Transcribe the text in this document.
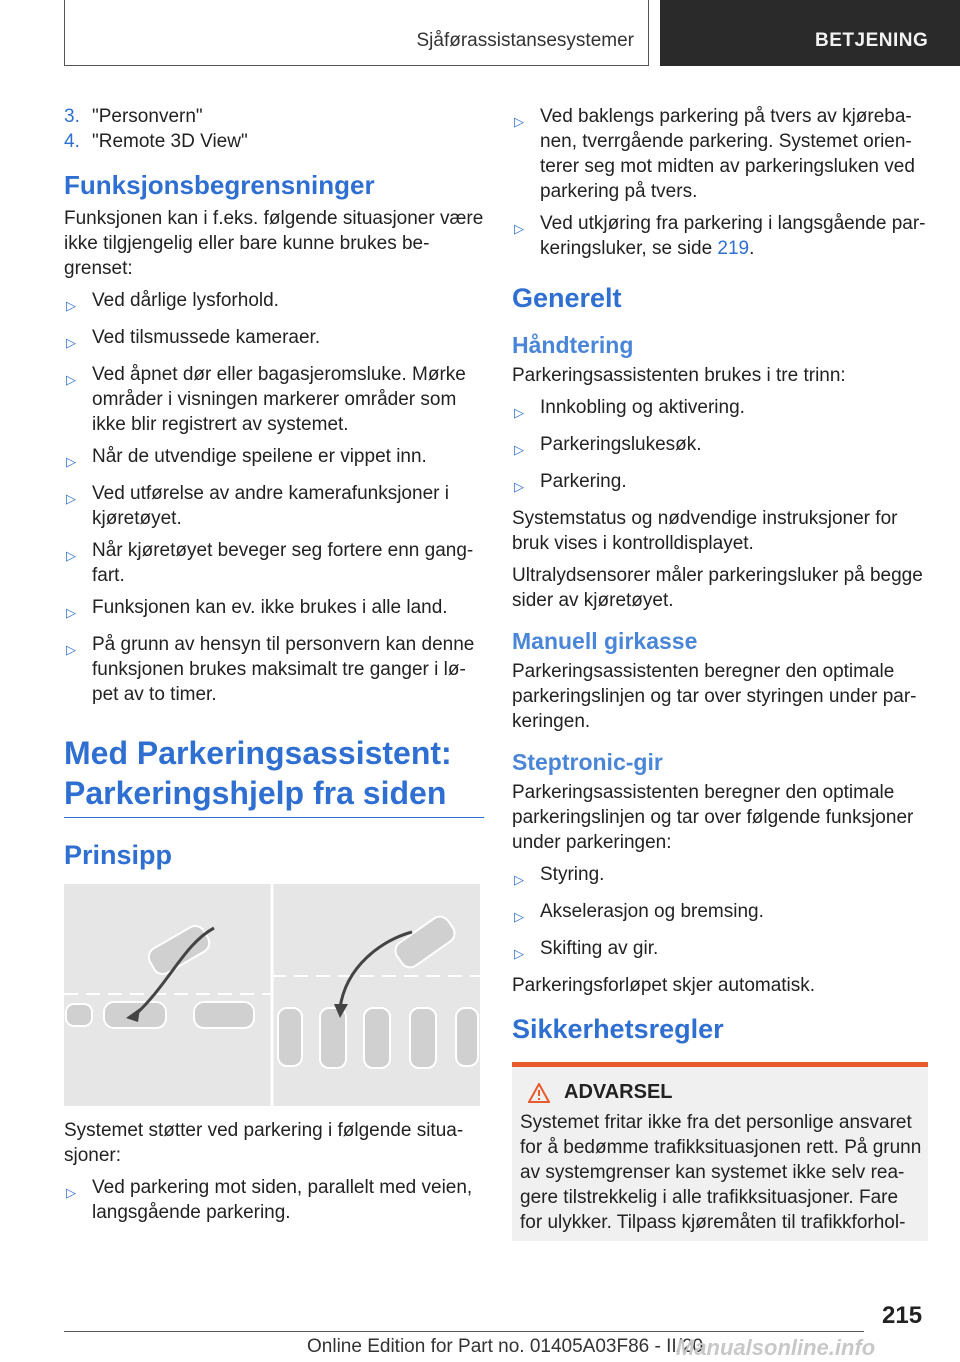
Sjåførassistansesystemer	BETJENING
3. "Personvern"
4. "Remote 3D View"
Funksjonsbegrensninger

Funksjonen kan i f.eks. følgende situasjoner være ikke tilgjengelig eller bare kunne brukes be-grenset:

▷ Ved dårlige lysforhold.
▷ Ved tilsmussede kameraer.
▷ Ved åpnet dør eller bagasjeromsluke. Mørke områder i visningen markerer områder som ikke blir registrert av systemet.
▷ Når de utvendige speilene er vippet inn.
▷ Ved utførelse av andre kamerafunksjoner i kjøretøyet.
▷ Når kjøretøyet beveger seg fortere enn gang-fart.
▷ Funksjonen kan ev. ikke brukes i alle land.
▷ På grunn av hensyn til personvern kan denne funksjonen brukes maksimalt tre ganger i lø-pet av to timer.
Med Parkeringsassistent: Parkeringshjelp fra siden
Prinsipp

Systemet støtter ved parkering i følgende situa-sjoner:

▷ Ved parkering mot siden, parallelt med veien, langsgående parkering.
▷ Ved baklengs parkering på tvers av kjøreba-nen, tverrgående parkering. Systemet orien-terer seg mot midten av parkeringsluken ved parkering på tvers.
▷ Ved utkjøring fra parkering i langsgående par-keringsluker, se side 219.
Generelt
Håndtering

Parkeringsassistenten brukes i tre trinn:

▷ Innkobling og aktivering.
▷ Parkeringslukesøk.
▷ Parkering.

Systemstatus og nødvendige instruksjoner for bruk vises i kontrolldisplayet.

Ultralydsensorer måler parkeringsluker på begge sider av kjøretøyet.

Manuell girkasse

Parkeringsassistenten beregner den optimale parkeringslinjen og tar over styringen under par-keringen.

Steptronic-gir

Parkeringsassistenten beregner den optimale parkeringslinjen og tar over følgende funksjoner under parkeringen:

▷ Styring.
▷ Akselerasjon og bremsing.
▷ Skifting av gir.

Parkeringsforløpet skjer automatisk.

Sikkerhetsregler
ADVARSEL

Systemet fritar ikke fra det personlige ansvaret for å bedømme trafikksituasjonen rett. På grunn av systemgrenser kan systemet ikke selv rea-gere tilstrekkelig i alle trafikksituasjoner. Fare for ulykker. Tilpass kjøremåten til trafikkforhol-

215
Online Edition for Part no. 01405A03F86 - II/20
Manualsonline.info
